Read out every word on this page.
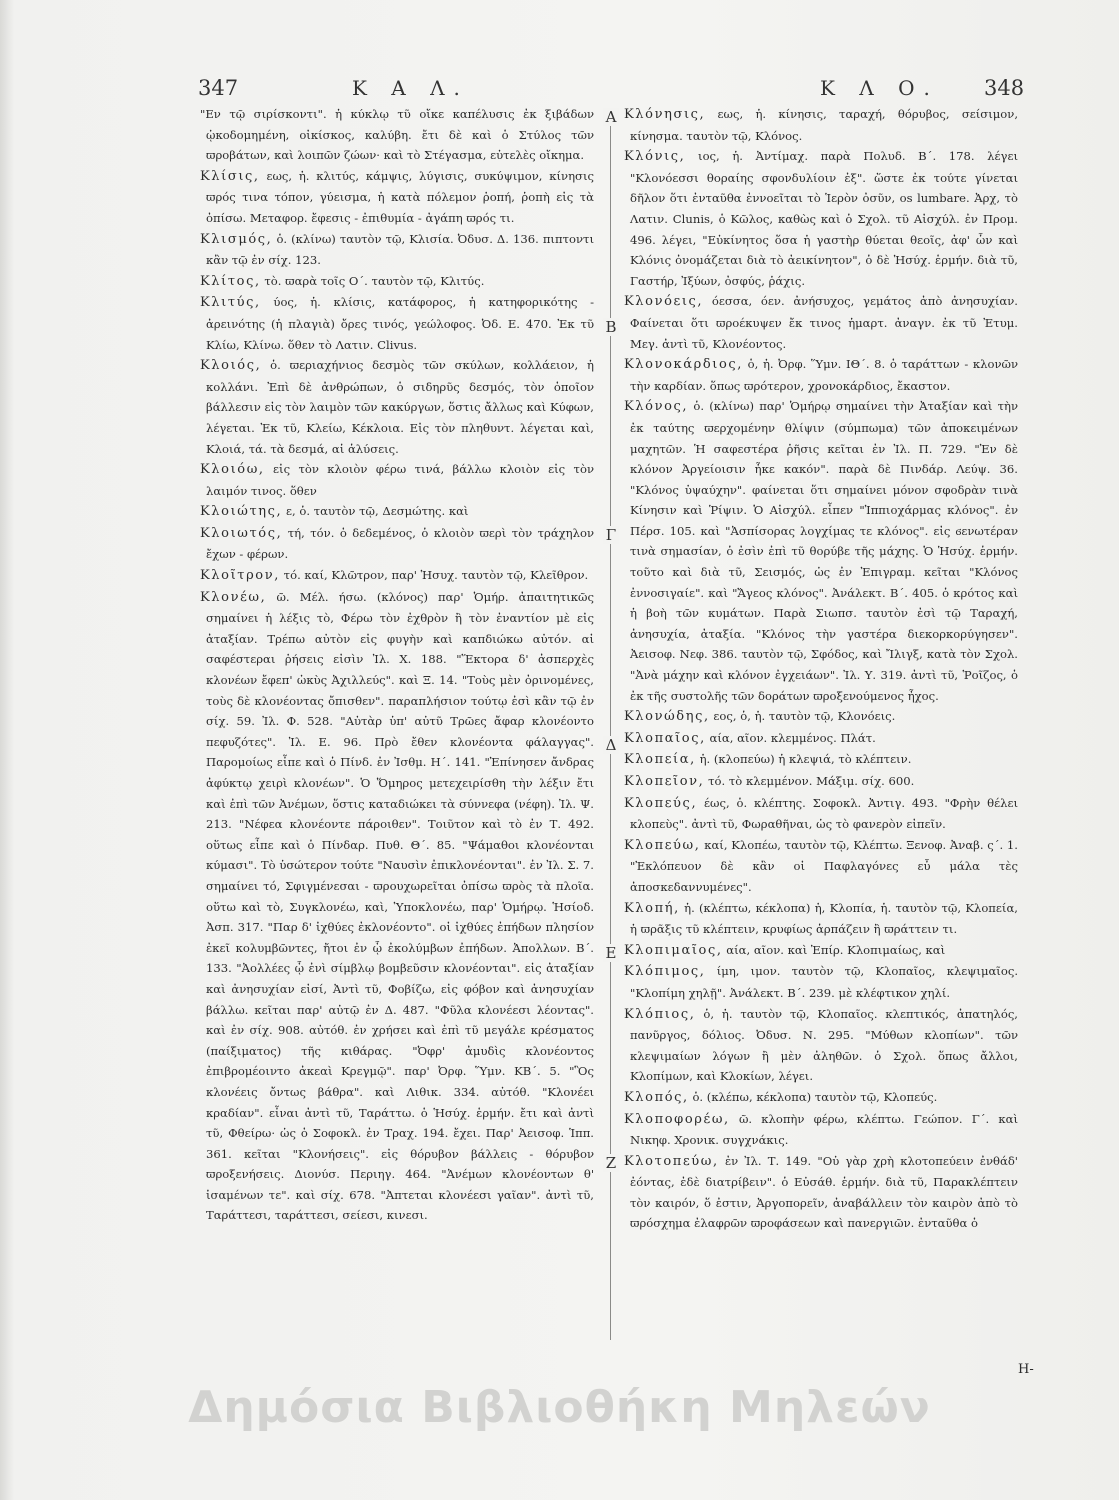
347	Κ Α Λ.	Κ Λ Ο. 348

"Εν τῷ σιρίσκοντι". ἡ κύκλῳ τῦ οἴκε καπέλυσις ἐκ ξιβάδων ᾠκοδομημένη, οἰκίσκος, καλύβη. ἔτι δὲ καὶ ὁ Στύλος τῶν ϖροβάτων, καὶ λοιπῶν ζώων· καὶ τὸ Στέγασμα, εὐτελὲς οἴκημα.

Κλίσις, εως, ἡ. κλιτύς, κάμψις, λύγισις, συκύψιμον, κίνησις ϖρός τινα τόπον, γύεισμα, ἡ κατὰ πόλεμον ῥοπή, ῥοπὴ εἰς τὰ ὀπίσω. Μεταφορ. ἔφεσις - ἐπιθυμία - ἀγάπη ϖρός τι.

Κλισμός, ὁ. (κλίνω) ταυτὸν τῷ, Κλισία. Ὀδυσ. Δ. 136. πιπτοντι κἂν τῷ ἐν σίχ. 123.

Κλίτος, τὸ. ϖαρὰ τοῖς Ο΄. ταυτὸν τῷ, Κλιτύς.

Κλιτύς, ύος, ἡ. κλίσις, κατάφορος, ἡ κατηφορικότης - ἀρεινότης (ἡ πλαγιὰ) ὄρες τινός, γεώλοφος. Ὀδ. Ε. 470. Ἐκ τῦ Κλίω, Κλίνω. ὅθεν τὸ Λατιν. Clivus.

Κλοιός, ὁ. ϖεριαχήνιος δεσμὸς τῶν σκύλων, κολλάειον, ἡ κολλάνι. Ἐπὶ δὲ ἀνθρώπων, ὁ σιδηρῦς δεσμός, τὸν ὁποῖον βάλλεσιν εἰς τὸν λαιμὸν τῶν κακύργων, ὅστις ἄλλως καὶ Κύφων, λέγεται. Ἐκ τῦ, Κλείω, Κέκλοια. Εἰς τὸν πληθυντ. λέγεται καὶ, Κλοιά, τά. τὰ δεσμά, αἱ ἁλύσεις.

Κλοιόω, εἰς τὸν κλοιὸν φέρω τινά, βάλλω κλοιὸν εἰς τὸν λαιμόν τινος. ὅθεν

Κλοιώτης, ε, ὁ. ταυτὸν τῷ, Δεσμώτης. καὶ

Κλοιωτός, τή, τόν. ὁ δεδεμένος, ὁ κλοιὸν ϖερὶ τὸν τράχηλον ἔχων - φέρων.

Κλοῖτρον, τό. καί, Κλῶτρον, παρ' Ἡσυχ. ταυτὸν τῷ, Κλεῖθρον.

Κλονέω, ῶ. Μέλ. ήσω. (κλόνος) παρ' Ὁμήρ. ἀπαιτητικῶς σημαίνει ἡ λέξις τὸ, Φέρω τὸν ἐχθρὸν ἢ τὸν ἐναντίον μὲ εἰς ἀταξίαν. Τρέπω αὐτὸν εἰς φυγὴν καὶ καπδιώκω αὐτόν. αἱ σαφέστεραι ῥήσεις εἰσὶν Ἰλ. Χ. 188. "Ἕκτορα δ' ἀσπερχὲς κλονέων ἔφεπ' ὠκὺς Ἀχιλλεύς". καὶ Ξ. 14. "Τοὺς μὲν ὀρινομένες, τοὺς δὲ κλονέοντας ὄπισθεν". παραπλήσιον τούτῳ ἐσὶ κἂν τῷ ἐν σίχ. 59. Ἰλ. Φ. 528. "Αὐτὰρ ὑπ' αὐτῦ Τρῶες ἄφαρ κλονέοντο πεφυζότες". Ἰλ. Ε. 96. Πρὸ ἔθεν κλονέοντα φάλαγγας". Παρομοίως εἶπε καὶ ὁ Πίνδ. ἐν Ἰσθμ. Η΄. 141. "Ἐπίνησεν ἄνδρας ἀφύκτῳ χειρὶ κλονέων". Ὁ Ὅμηρος μετεχειρίσθη τὴν λέξιν ἔτι καὶ ἐπὶ τῶν Ἀνέμων, ὅστις καταδιώκει τὰ σύννεφα (νέφη). Ἰλ. Ψ. 213. "Νέφεα κλονέοντε πάροιθεν". Τοιῦτον καὶ τὸ ἐν Τ. 492. οὕτως εἶπε καὶ ὁ Πίνδαρ. Πυθ. Θ΄. 85. "Ψάμαθοι κλονέονται κύμασι". Τὸ ὑσώτερον τούτε "Ναυσὶν ἐπικλονέονται". ἐν Ἰλ. Σ. 7. σημαίνει τό, Σφιγμένεσαι - ϖρουχωρεῖται ὀπίσω ϖρὸς τὰ πλοῖα. οὕτω καὶ τὸ, Συγκλονέω, καὶ, Ὑποκλονέω, παρ' Ὁμήρῳ. Ἡσίοδ. Ἀσπ. 317. "Παρ δ' ἰχθύες ἐκλονέοντο". οἱ ἰχθύες ἐπήδων πλησίον ἐκεῖ κολυμβῶντες, ἤτοι ἐν ᾧ ἐκολύμβων ἐπήδων. Ἀπολλων. Β΄. 133. "Ἀολλέες ᾧ ἐνὶ σίμβλῳ βομβεῦσιν κλονέονται". εἰς ἀταξίαν καὶ ἀνησυχίαν εἰσί, Ἀντὶ τῦ, Φοβίζω, εἰς φόβον καὶ ἀνησυχίαν βάλλω. κεῖται παρ' αὐτῷ ἐν Δ. 487. "Φῦλα κλονέεσι λέοντας". καὶ ἐν σίχ. 908. αὐτόθ. ἐν χρήσει καὶ ἐπὶ τῦ μεγάλε κρέσματος (παίξιματος) τῆς κιθάρας. "Ὀφρ' ἀμυδὶς κλονέοντος ἐπιβρομέοιντο ἀκεαὶ Κρεγμῷ". παρ' Ὀρφ. Ὕμν. ΚΒ΄. 5. "Ὃς κλονέεις ὄντως βάθρα". καὶ Λιθικ. 334. αὐτόθ. "Κλονέει κραδίαν". εἶναι ἀντὶ τῦ, Ταράττω. ὁ Ἡσύχ. ἑρμήν. ἔτι καὶ ἀντὶ τῦ, Φθείρω· ὡς ὁ Σοφοκλ. ἐν Τραχ. 194. ἔχει. Παρ' Ἀεισοφ. Ἱππ. 361. κεῖται "Κλονήσεις". εἰς θόρυβον βάλλεις - θόρυβον ϖροξενήσεις. Διονύσ. Περιηγ. 464. "Ἀνέμων κλονέοντων θ' ἱσαμένων τε". καὶ σίχ. 678. "Ἀπτεται κλονέεσι γαῖαν". ἀντὶ τῦ, Ταράττεσι, ταράττεσι, σείεσι, κινεσι.

Κλόνησις, εως, ἡ. κίνησις, ταραχή, θόρυβος, σείσιμον, κίνησμα. ταυτὸν τῷ, Κλόνος.

Κλόνις, ιος, ἡ. Ἀντίμαχ. παρὰ Πολυδ. Β΄. 178. λέγει "Κλονόεσσι θοραίης σφονδυλίοιν ἐξ". ὥστε ἐκ τούτε γίνεται δῆλον ὅτι ἐνταῦθα ἐννοεῖται τὸ Ἱερὸν ὀσῦν, os lumbare. Ἀρχ, τὸ Λατιν. Clunis, ὁ Κῶλος, καθὼς καὶ ὁ Σχολ. τῦ Αἰσχύλ. ἐν Προμ. 496. λέγει, "Εὐκίνητος ὅσα ἡ γαστὴρ θύεται θεοῖς, ἀφ' ὧν καὶ Κλόνις ὀνομάζεται διὰ τὸ ἀεικίνητον", ὁ δὲ Ἡσύχ. ἑρμήν. διὰ τῦ, Γαστήρ, Ἰξύων, ὀσφύς, ῥάχις.

Κλονόεις, όεσσα, όεν. ἀνήσυχος, γεμάτος ἀπὸ ἀνησυχίαν. Φαίνεται ὅτι ϖροέκυψεν ἔκ τινος ἡμαρτ. ἀναγν. ἐκ τῦ Ἐτυμ. Μεγ. ἀντὶ τῦ, Κλονέοντος.

Κλονοκάρδιος, ὁ, ἡ. Ὀρφ. Ὕμν. ΙΘ΄. 8. ὁ ταράττων - κλονῶν τὴν καρδίαν. ὅπως ϖρότερον, χρονοκάρδιος, ἔκαστον.

Κλόνος, ὁ. (κλίνω) παρ' Ὁμήρῳ σημαίνει τὴν Ἀταξίαν καὶ τὴν ἐκ ταύτης ϖερχομένην θλίψιν (σύμπωμα) τῶν ἀποκειμένων μαχητῶν. Ἡ σαφεστέρα ῥῆσις κεῖται ἐν Ἰλ. Π. 729. "Ἐν δὲ κλόνον Ἀργείοισιν ἧκε κακόν". παρὰ δὲ Πινδάρ. Λεύψ. 36. "Κλόνος ὑψαύχην". φαίνεται ὅτι σημαίνει μόνον σφοδρὰν τινὰ Κίνησιν καὶ Ῥίψιν. Ὁ Αἰσχύλ. εἶπεν "Ἱππιοχάρμας κλόνος". ἐν Πέρσ. 105. καὶ "Ἀσπίσορας λογχίμας τε κλόνος". εἰς ϭενωτέραν τινὰ σημασίαν, ὁ ἐσὶν ἐπὶ τῦ θορύβε τῆς μάχης. Ὁ Ἡσύχ. ἑρμήν. τοῦτο καὶ διὰ τῦ, Σεισμός, ὡς ἐν Ἐπιγραμ. κεῖται "Κλόνος ἐννοσιγαίε". καὶ "Ἄγεος κλόνος". Ἀνάλεκτ. Β΄. 405. ὁ κρότος καὶ ἡ βοὴ τῶν κυμάτων. Παρὰ Σιωπσ. ταυτὸν ἐσὶ τῷ Ταραχή, ἀνησυχία, ἀταξία. "Κλόνος τὴν γαστέρα διεκορκορύγησεν". Ἀεισοφ. Νεφ. 386. ταυτὸν τῷ, Σφόδος, καὶ Ἴλιγξ, κατὰ τὸν Σχολ. "Ἀνὰ μάχην καὶ κλόνον ἐγχειάων". Ἰλ. Υ. 319. ἀντὶ τῦ, Ῥοῖζος, ὁ ἐκ τῆς συστολῆς τῶν δοράτων ϖροξενούμενος ἦχος.

Κλονώδης, εος, ὁ, ἡ. ταυτὸν τῷ, Κλονόεις.

Κλοπαῖος, αία, αῖον. κλεμμένος. Πλάτ.

Κλοπεία, ἡ. (κλοπεύω) ἡ κλεψιά, τὸ κλέπτειν.

Κλοπεῖον, τό. τὸ κλεμμένον. Μάξιμ. σίχ. 600.

Κλοπεύς, έως, ὁ. κλέπτης. Σοφοκλ. Ἀντιγ. 493. "Φρὴν θέλει κλοπεὺς". ἀντὶ τῦ, Φωραθῆναι, ὡς τὸ φανερὸν εἰπεῖν.

Κλοπεύω, καί, Κλοπέω, ταυτὸν τῷ, Κλέπτω. Ξενοφ. Ἀναβ. ς΄. 1. "Ἐκλόπευον δὲ κἂν οἱ Παφλαγόνες εὖ μάλα τὲς ἀποσκεδαννυμένες".

Κλοπή, ἡ. (κλέπτω, κέκλοπα) ἡ, Κλοπία, ἡ. ταυτὸν τῷ, Κλοπεία, ἡ ϖρᾶξις τῦ κλέπτειν, κρυφίως ἁρπάζειν ἢ ϖράττειν τι.

Κλοπιμαῖος, αία, αῖον. καὶ Ἐπίρ. Κλοπιμαίως, καὶ

Κλόπιμος, ίμη, ιμον. ταυτὸν τῷ, Κλοπαῖος, κλεψιμαῖος. "Κλοπίμη χηλῇ". Ἀνάλεκτ. Β΄. 239. μὲ κλέφτικον χηλί.

Κλόπιος, ὁ, ἡ. ταυτὸν τῷ, Κλοπαῖος. κλεπτικός, ἀπατηλός, πανῦργος, δόλιος. Ὀδυσ. Ν. 295. "Μύθων κλοπίων". τῶν κλεψιμαίων λόγων ἢ μὲν ἀληθῶν. ὁ Σχολ. ὅπως ἄλλοι, Κλοπίμων, καὶ Κλοκίων, λέγει.

Κλοπός, ὁ. (κλέπω, κέκλοπα) ταυτὸν τῷ, Κλοπεύς.

Κλοποφορέω, ῶ. κλοπὴν φέρω, κλέπτω. Γεώπον. Γ΄. καὶ Νικηφ. Χρονικ. συγχνάκις.

Κλοτοπεύω, ἐν Ἰλ. Τ. 149. "Οὐ γὰρ χρὴ κλοτοπεύειν ἐνθάδ' ἐόντας, ἐδὲ διατρίβειν". ὁ Εὐσάθ. ἑρμήν. διὰ τῦ, Παρακλέπτειν τὸν καιρόν, ὅ ἐστιν, Ἀργοπορεῖν, ἀναβάλλειν τὸν καιρὸν ἀπὸ τὸ ϖρόσχημα ἐλαφρῶν ϖροφάσεων καὶ πανεργιῶν. ἐνταῦθα ὁ

Α
Β
Γ
Δ
Ε
Ζ
Η-
Δημόσια Βιβλιοθήκη Μηλεών
